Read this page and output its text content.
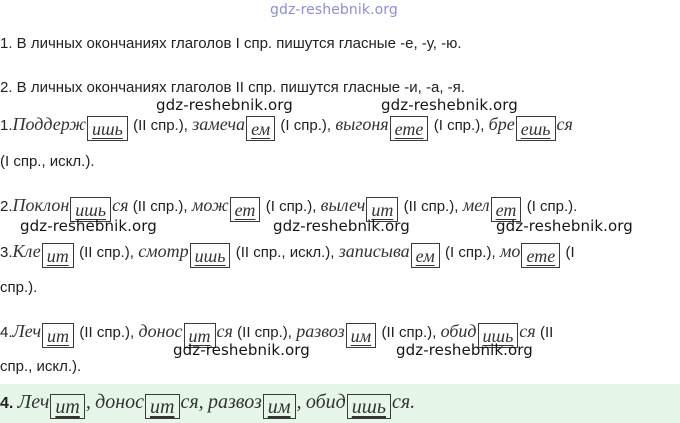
gdz-reshebnik.org
1. В личных окончаниях глаголов I спр. пишутся гласные -е, -у, -ю.
2. В личных окончаниях глаголов II спр. пишутся гласные -и, -а, -я.
gdz-reshebnik.org	gdz-reshebnik.org
1.Поддерж ишь (II спр.), замеча ем (I спр.), выгоня ете (I спр.), бре ешь ся
(I спр., искл.).
2.Поклон ишь ся (II спр.), мож ет (I спр.), вылеч ит (II спр.), мел ет (I спр.).
gdz-reshebnik.org	gdz-reshebnik.org	gdz-reshebnik.org
3.Кле ит (II спр.), смотр ишь (II спр., искл.), записыва ем (I спр.), мо ете (I
спр.).
4.Леч ит (II спр.), донос ит ся (II спр.), развоз им (II спр.), обид ишь ся (II
gdz-reshebnik.org	gdz-reshebnik.org
спр., искл.).
4. Леч ит , донос ит ся, развоз им , обид ишь ся.
